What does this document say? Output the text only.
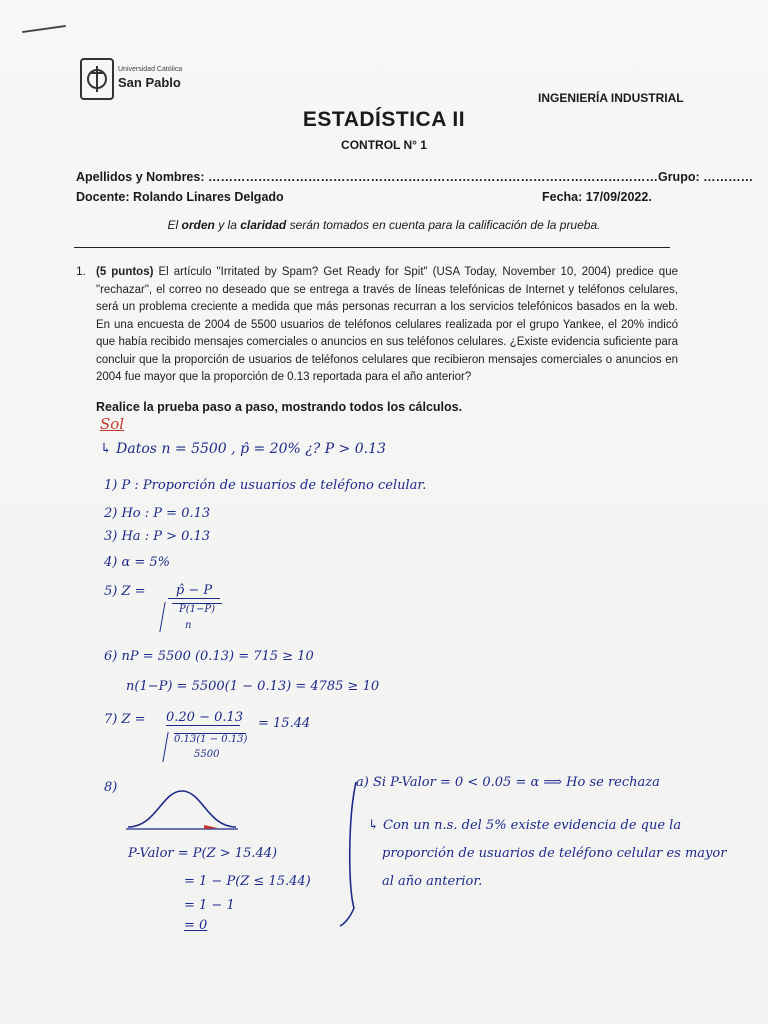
Universidad Católica
San Pablo
INGENIERÍA INDUSTRIAL
ESTADÍSTICA II
CONTROL N° 1
Apellidos y Nombres: ………………………………………………………………………………………………Grupo: …………
Docente: Rolando Linares Delgado	Fecha: 17/09/2022.
El orden y la claridad serán tomados en cuenta para la calificación de la prueba.
1. (5 puntos) El artículo "Irritated by Spam? Get Ready for Spit" (USA Today, November 10, 2004) predice que "rechazar", el correo no deseado que se entrega a través de líneas telefónicas de Internet y teléfonos celulares, será un problema creciente a medida que más personas recurran a los servicios telefónicos basados en la web. En una encuesta de 2004 de 5500 usuarios de teléfonos celulares realizada por el grupo Yankee, el 20% indicó que había recibido mensajes comerciales o anuncios en sus teléfonos celulares. ¿Existe evidencia suficiente para concluir que la proporción de usuarios de teléfonos celulares que recibieron mensajes comerciales o anuncios en 2004 fue mayor que la proporción de 0.13 reportada para el año anterior?
Realice la prueba paso a paso, mostrando todos los cálculos.
Sol
↳ Datos n = 5500 , p̂ = 20% ¿? P > 0.13
1) P : Proporción de usuarios de teléfono celular.
2) Ho : P = 0.13
3) Ha : P > 0.13
4) α = 5%
5) Z =	p̂ − P
P(1−P)
n
6) nP = 5500 (0.13) = 715 ≥ 10
n(1−P) = 5500(1 − 0.13) = 4785 ≥ 10
7) Z = 0.20 − 0.13
0.13(1 − 0.13)
5500
= 15.44
8)
P-Valor = P(Z > 15.44)
= 1 − P(Z ≤ 15.44)
= 1 − 1
= 0
a) Si P-Valor = 0 < 0.05 = α ⟹ Ho se rechaza
↳ Con un n.s. del 5% existe evidencia de que la
proporción de usuarios de teléfono celular es mayor
al año anterior.
